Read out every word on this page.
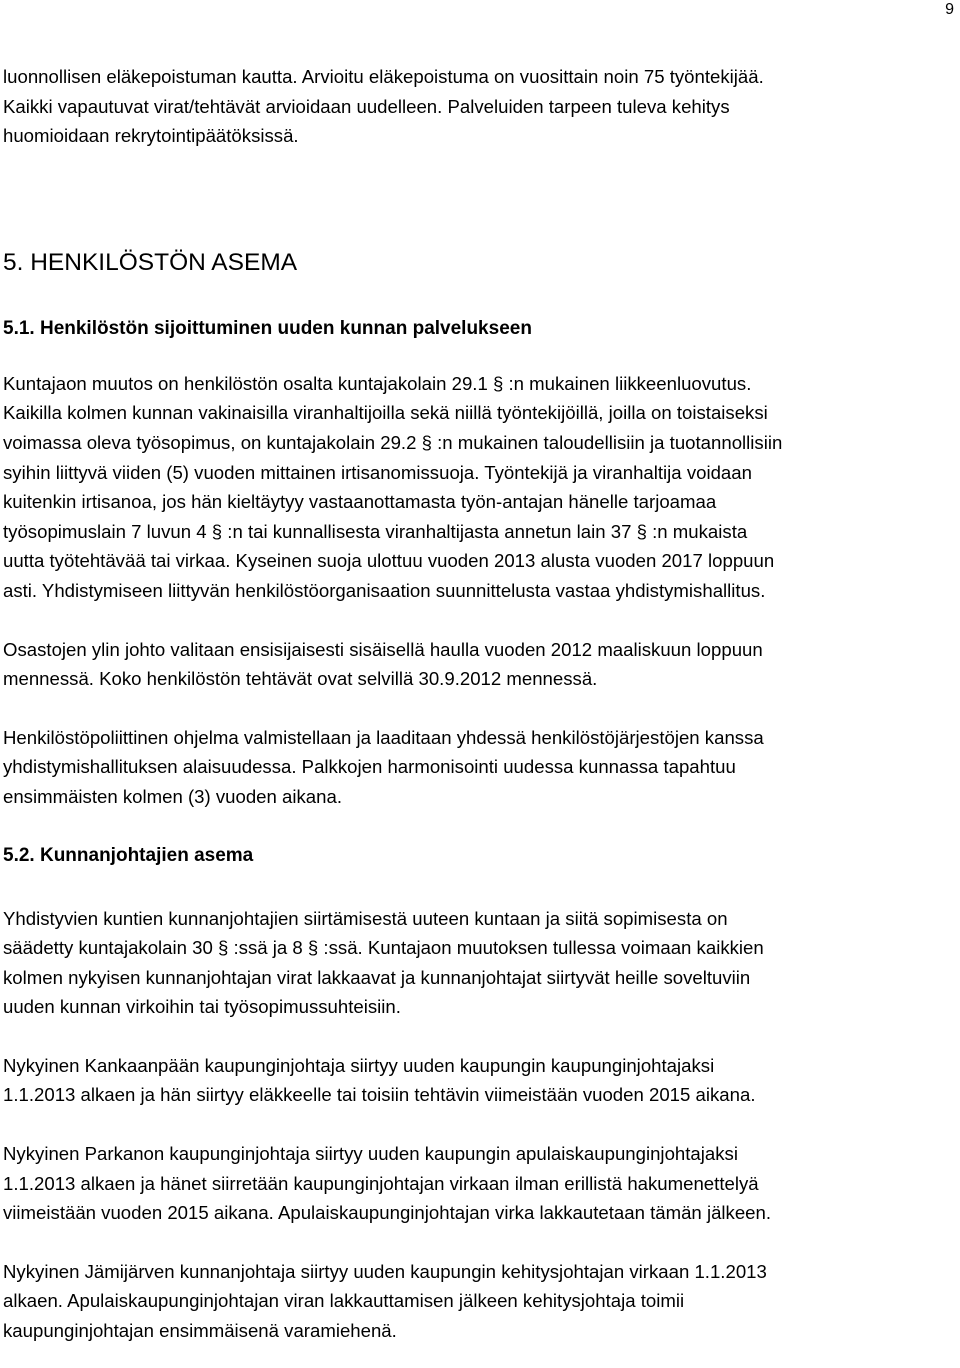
9

luonnollisen eläkepoistuman kautta. Arvioitu eläkepoistuma on vuosittain noin 75 työntekijää.
Kaikki vapautuvat virat/tehtävät arvioidaan uudelleen. Palveluiden tarpeen tuleva kehitys
huomioidaan rekrytointipäätöksissä.

5. HENKILÖSTÖN ASEMA
5.1. Henkilöstön sijoittuminen uuden kunnan palvelukseen

Kuntajaon muutos on henkilöstön osalta kuntajakolain 29.1 § :n mukainen liikkeenluovutus.
Kaikilla kolmen kunnan vakinaisilla viranhaltijoilla sekä niillä työntekijöillä, joilla on toistaiseksi
voimassa oleva työsopimus, on kuntajakolain 29.2 § :n mukainen taloudellisiin ja tuotannollisiin
syihin liittyvä viiden (5) vuoden mittainen irtisanomissuoja. Työntekijä ja viranhaltija voidaan
kuitenkin irtisanoa, jos hän kieltäytyy vastaanottamasta työn-antajan hänelle tarjoamaa
työsopimuslain 7 luvun 4 § :n tai kunnallisesta viranhaltijasta annetun lain 37 § :n mukaista
uutta työtehtävää tai virkaa. Kyseinen suoja ulottuu vuoden 2013 alusta vuoden 2017 loppuun
asti. Yhdistymiseen liittyvän henkilöstöorganisaation suunnittelusta vastaa yhdistymishallitus.

Osastojen ylin johto valitaan ensisijaisesti sisäisellä haulla vuoden 2012 maaliskuun loppuun
mennessä. Koko henkilöstön tehtävät ovat selvillä 30.9.2012 mennessä.

Henkilöstöpoliittinen ohjelma valmistellaan ja laaditaan yhdessä henkilöstöjärjestöjen kanssa
yhdistymishallituksen alaisuudessa. Palkkojen harmonisointi uudessa kunnassa tapahtuu
ensimmäisten kolmen (3) vuoden aikana.

5.2. Kunnanjohtajien asema

Yhdistyvien kuntien kunnanjohtajien siirtämisestä uuteen kuntaan ja siitä sopimisesta on
säädetty kuntajakolain 30 § :ssä ja 8 § :ssä. Kuntajaon muutoksen tullessa voimaan kaikkien
kolmen nykyisen kunnanjohtajan virat lakkaavat ja kunnanjohtajat siirtyvät heille soveltuviin
uuden kunnan virkoihin tai työsopimussuhteisiin.

Nykyinen Kankaanpään kaupunginjohtaja siirtyy uuden kaupungin kaupunginjohtajaksi
1.1.2013 alkaen ja hän siirtyy eläkkeelle tai toisiin tehtävin viimeistään vuoden 2015 aikana.

Nykyinen Parkanon kaupunginjohtaja siirtyy uuden kaupungin apulaiskaupunginjohtajaksi
1.1.2013 alkaen ja hänet siirretään kaupunginjohtajan virkaan ilman erillistä hakumenettelyä
viimeistään vuoden 2015 aikana. Apulaiskaupunginjohtajan virka lakkautetaan tämän jälkeen.

Nykyinen Jämijärven kunnanjohtaja siirtyy uuden kaupungin kehitysjohtajan virkaan 1.1.2013
alkaen. Apulaiskaupunginjohtajan viran lakkauttamisen jälkeen kehitysjohtaja toimii
kaupunginjohtajan ensimmäisenä varamiehenä.
